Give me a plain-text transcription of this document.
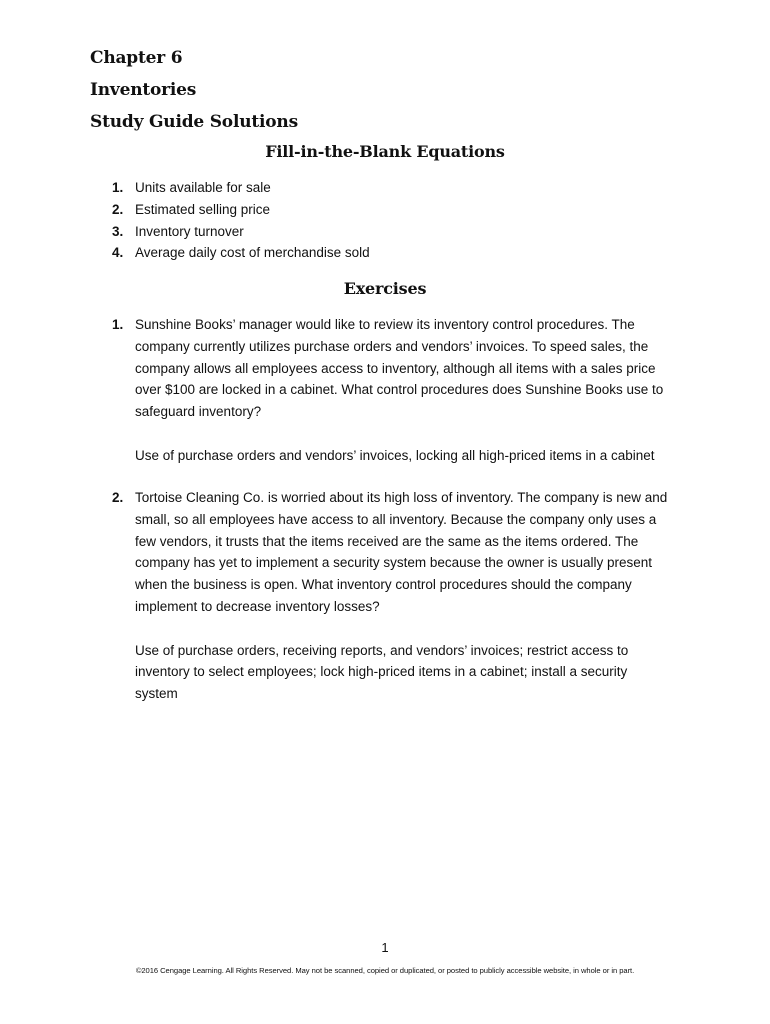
Chapter 6
Inventories
Study Guide Solutions
Fill-in-the-Blank Equations
1. Units available for sale
2. Estimated selling price
3. Inventory turnover
4. Average daily cost of merchandise sold
Exercises
1. Sunshine Books’ manager would like to review its inventory control procedures. The company currently utilizes purchase orders and vendors’ invoices. To speed sales, the company allows all employees access to inventory, although all items with a sales price over $100 are locked in a cabinet. What control procedures does Sunshine Books use to safeguard inventory?
Use of purchase orders and vendors’ invoices, locking all high-priced items in a cabinet
2. Tortoise Cleaning Co. is worried about its high loss of inventory. The company is new and small, so all employees have access to all inventory. Because the company only uses a few vendors, it trusts that the items received are the same as the items ordered. The company has yet to implement a security system because the owner is usually present when the business is open. What inventory control procedures should the company implement to decrease inventory losses?
Use of purchase orders, receiving reports, and vendors’ invoices; restrict access to inventory to select employees; lock high-priced items in a cabinet; install a security system
1
©2016 Cengage Learning. All Rights Reserved. May not be scanned, copied or duplicated, or posted to publicly accessible website, in whole or in part.
